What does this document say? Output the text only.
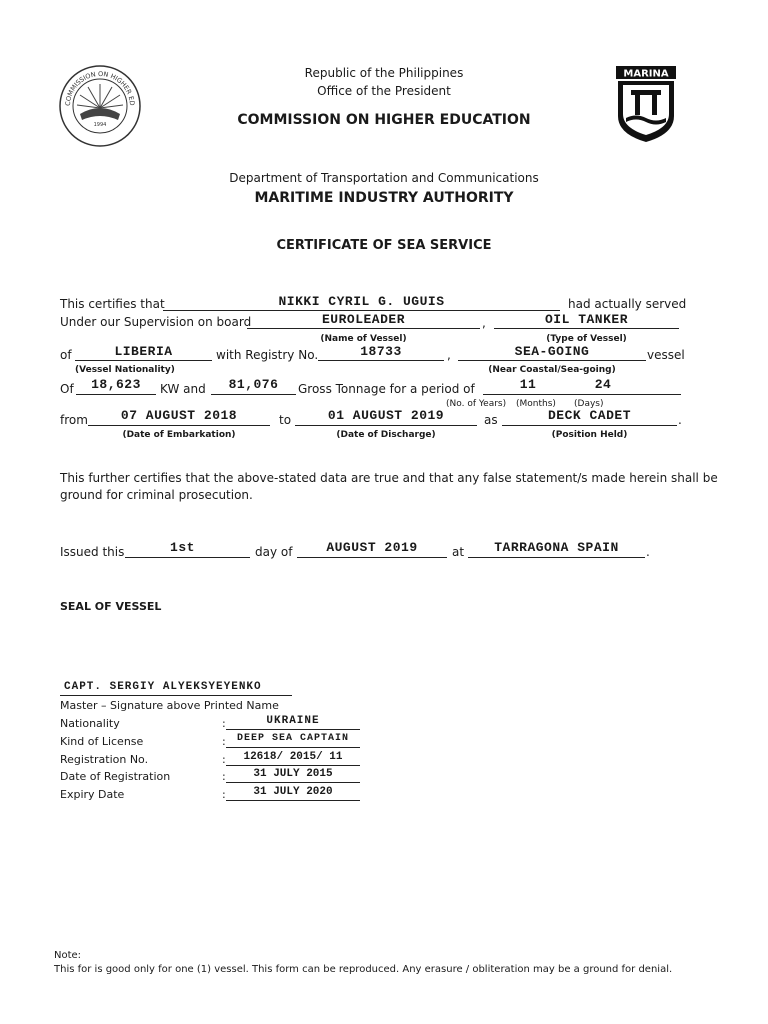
COMMISSION ON HIGHER ED
1994
MARINA
Republic of the Philippines
Office of the President
COMMISSION ON HIGHER EDUCATION
Department of Transportation and Communications
MARITIME INDUSTRY AUTHORITY
CERTIFICATE OF SEA SERVICE
This certifies that	NIKKI CYRIL G. UGUIS	had actually served
Under our Supervision on board	EUROLEADER	,	OIL TANKER
(Name of Vessel)	(Type of Vessel)
of	LIBERIA	with Registry No.	18733	,	SEA-GOING	vessel
(Vessel Nationality)	(Near Coastal/Sea-going)
Of	18,623	KW and	81,076	Gross Tonnage for a period of	11	24
(No. of Years) (Months) (Days)
from	07 AUGUST 2018	to	01 AUGUST 2019	as	DECK CADET	.
(Date of Embarkation)	(Date of Discharge)	(Position Held)
This further certifies that the above-stated data are true and that any false statement/s made herein shall be
ground for criminal prosecution.
Issued this	1st	day of	AUGUST 2019	at	TARRAGONA SPAIN	.
SEAL OF VESSEL
CAPT. SERGIY ALYEKSYEYENKO
Master – Signature above Printed Name
Nationality	:	UKRAINE
Kind of License	:	DEEP SEA CAPTAIN
Registration No.	:	12618/ 2015/ 11
Date of Registration	:	31 JULY 2015
Expiry Date	:	31 JULY 2020
Note:
This for is good only for one (1) vessel. This form can be reproduced. Any erasure / obliteration may be a ground for denial.
